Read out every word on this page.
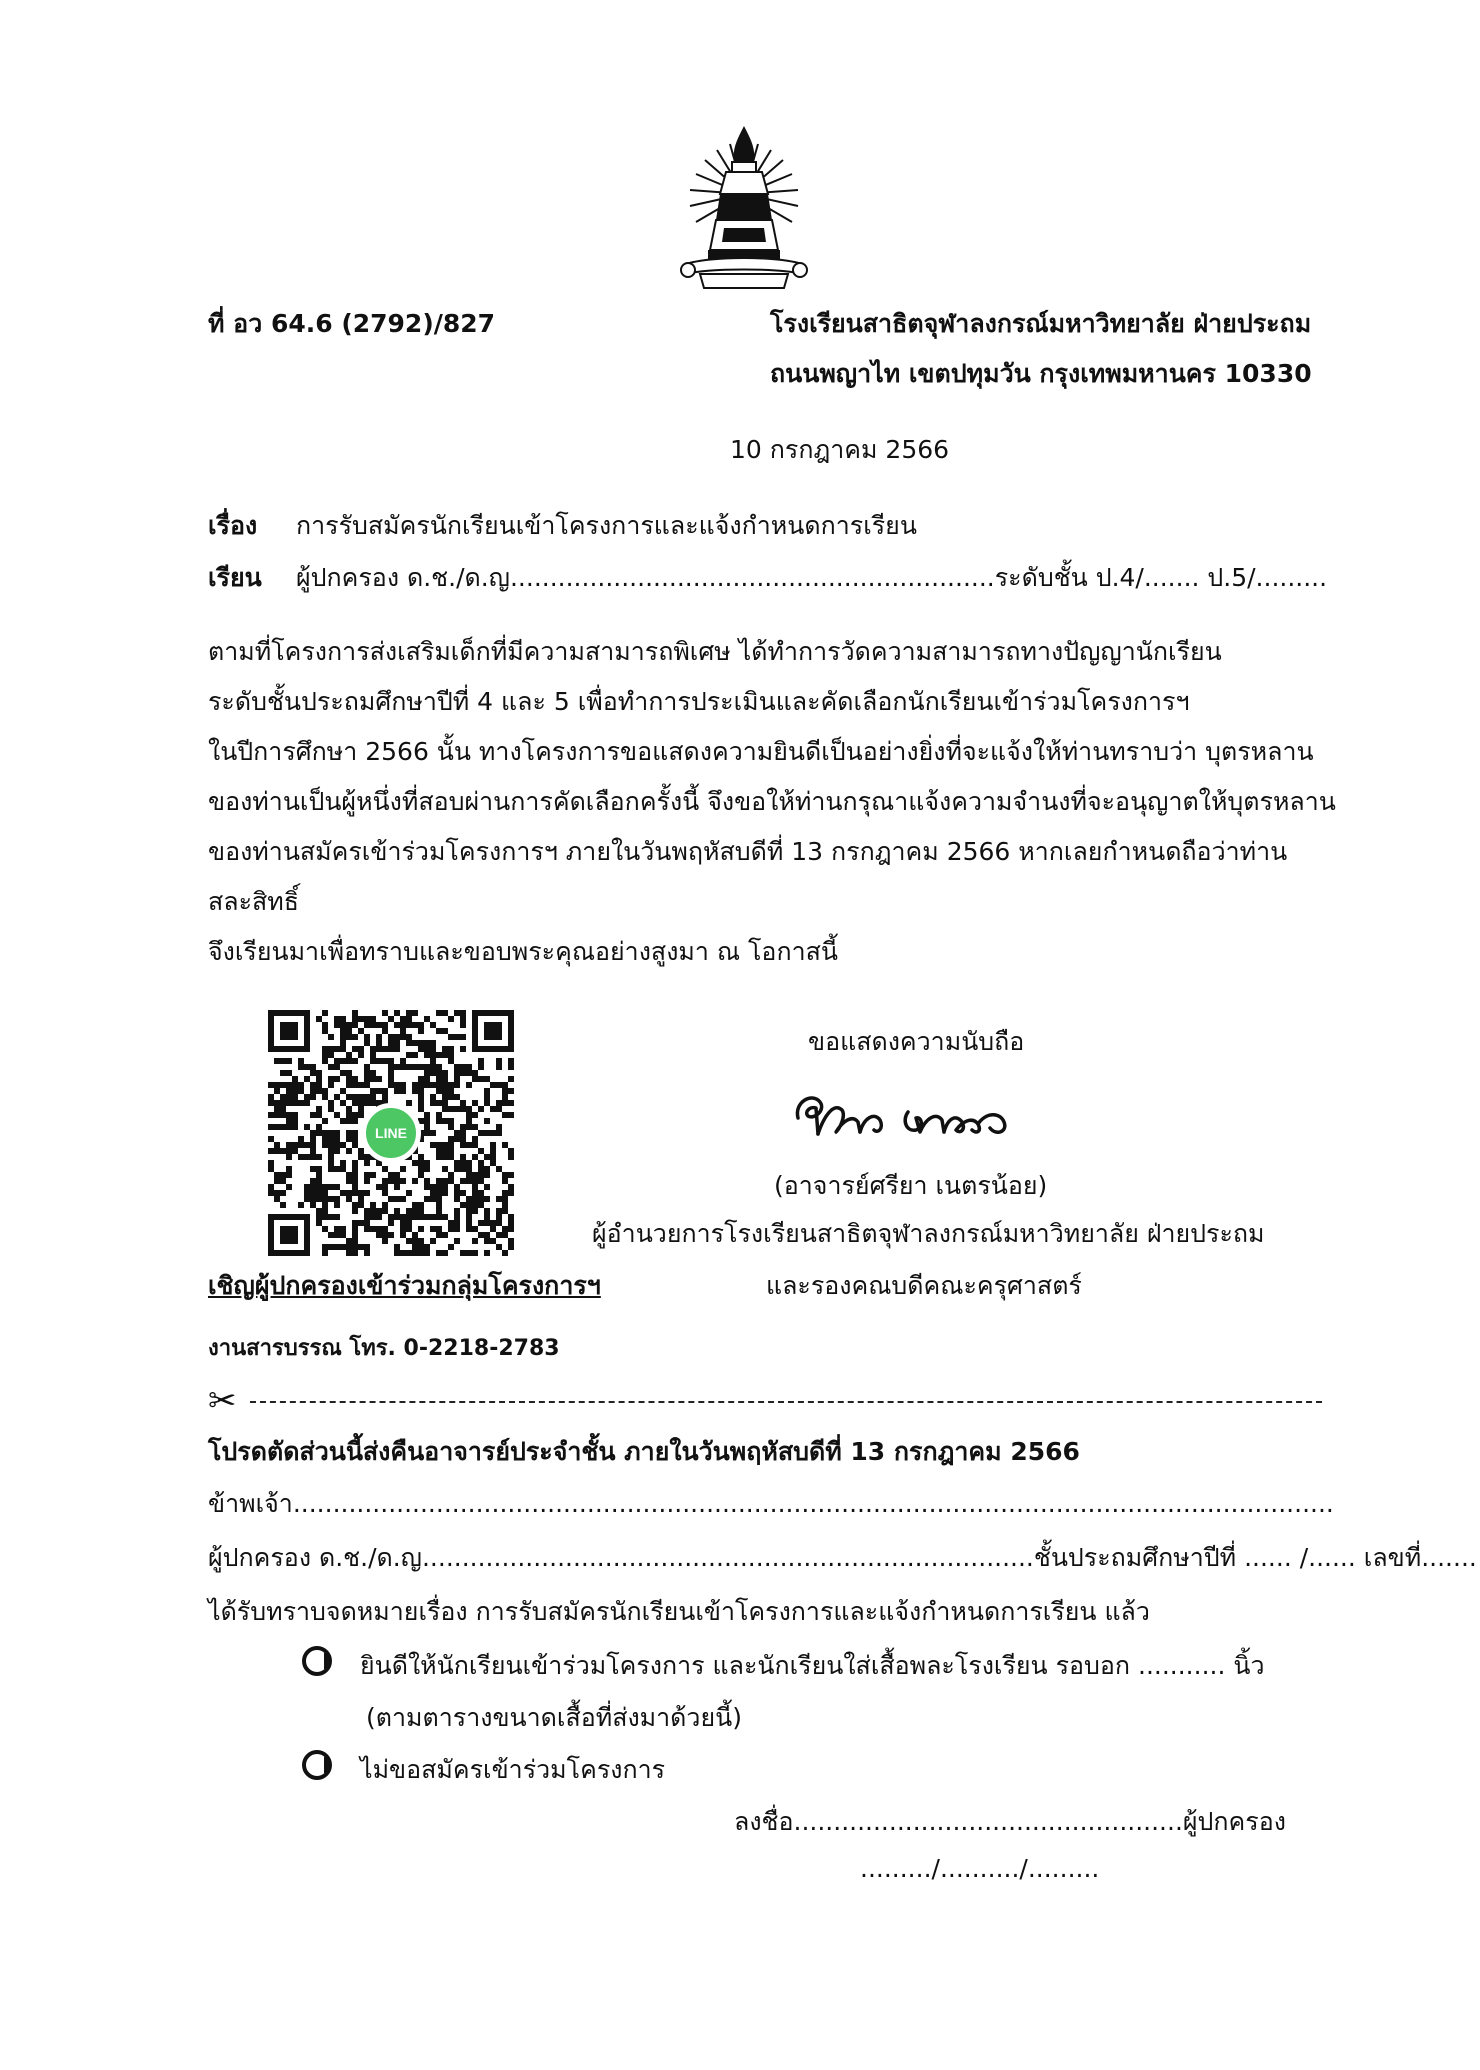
ที่ อว 64.6 (2792)/827	โรงเรียนสาธิตจุฬาลงกรณ์มหาวิทยาลัย ฝ่ายประถม
ถนนพญาไท เขตปทุมวัน กรุงเทพมหานคร 10330
10 กรกฎาคม 2566
เรื่อง การรับสมัครนักเรียนเข้าโครงการและแจ้งกำหนดการเรียน
เรียน ผู้ปกครอง ด.ช./ด.ญ.............................................................ระดับชั้น ป.4/....... ป.5/.........
ตามที่โครงการส่งเสริมเด็กที่มีความสามารถพิเศษ ได้ทำการวัดความสามารถทางปัญญานักเรียน
ระดับชั้นประถมศึกษาปีที่ 4 และ 5 เพื่อทำการประเมินและคัดเลือกนักเรียนเข้าร่วมโครงการฯ
ในปีการศึกษา 2566 นั้น ทางโครงการขอแสดงความยินดีเป็นอย่างยิ่งที่จะแจ้งให้ท่านทราบว่า บุตรหลาน
ของท่านเป็นผู้หนึ่งที่สอบผ่านการคัดเลือกครั้งนี้ จึงขอให้ท่านกรุณาแจ้งความจำนงที่จะอนุญาตให้บุตรหลาน
ของท่านสมัครเข้าร่วมโครงการฯ ภายในวันพฤหัสบดีที่ 13 กรกฎาคม 2566 หากเลยกำหนดถือว่าท่าน
สละสิทธิ์
จึงเรียนมาเพื่อทราบและขอบพระคุณอย่างสูงมา ณ โอกาสนี้
LINE
เชิญผู้ปกครองเข้าร่วมกลุ่มโครงการฯ
ขอแสดงความนับถือ
(อาจารย์ศรียา เนตรน้อย)
ผู้อำนวยการโรงเรียนสาธิตจุฬาลงกรณ์มหาวิทยาลัย ฝ่ายประถม
และรองคณบดีคณะครุศาสตร์
งานสารบรรณ โทร. 0-2218-2783
✂
โปรดตัดส่วนนี้ส่งคืนอาจารย์ประจำชั้น ภายในวันพฤหัสบดีที่ 13 กรกฎาคม 2566
ข้าพเจ้า...................................................................................................................................
ผู้ปกครอง ด.ช./ด.ญ.............................................................................ชั้นประถมศึกษาปีที่ ...... /...... เลขที่.......
ได้รับทราบจดหมายเรื่อง การรับสมัครนักเรียนเข้าโครงการและแจ้งกำหนดการเรียน แล้ว
ยินดีให้นักเรียนเข้าร่วมโครงการ และนักเรียนใส่เสื้อพละโรงเรียน รอบอก ........... นิ้ว
(ตามตารางขนาดเสื้อที่ส่งมาด้วยนี้)
ไม่ขอสมัครเข้าร่วมโครงการ
ลงชื่อ.................................................ผู้ปกครอง
........./........../.........
